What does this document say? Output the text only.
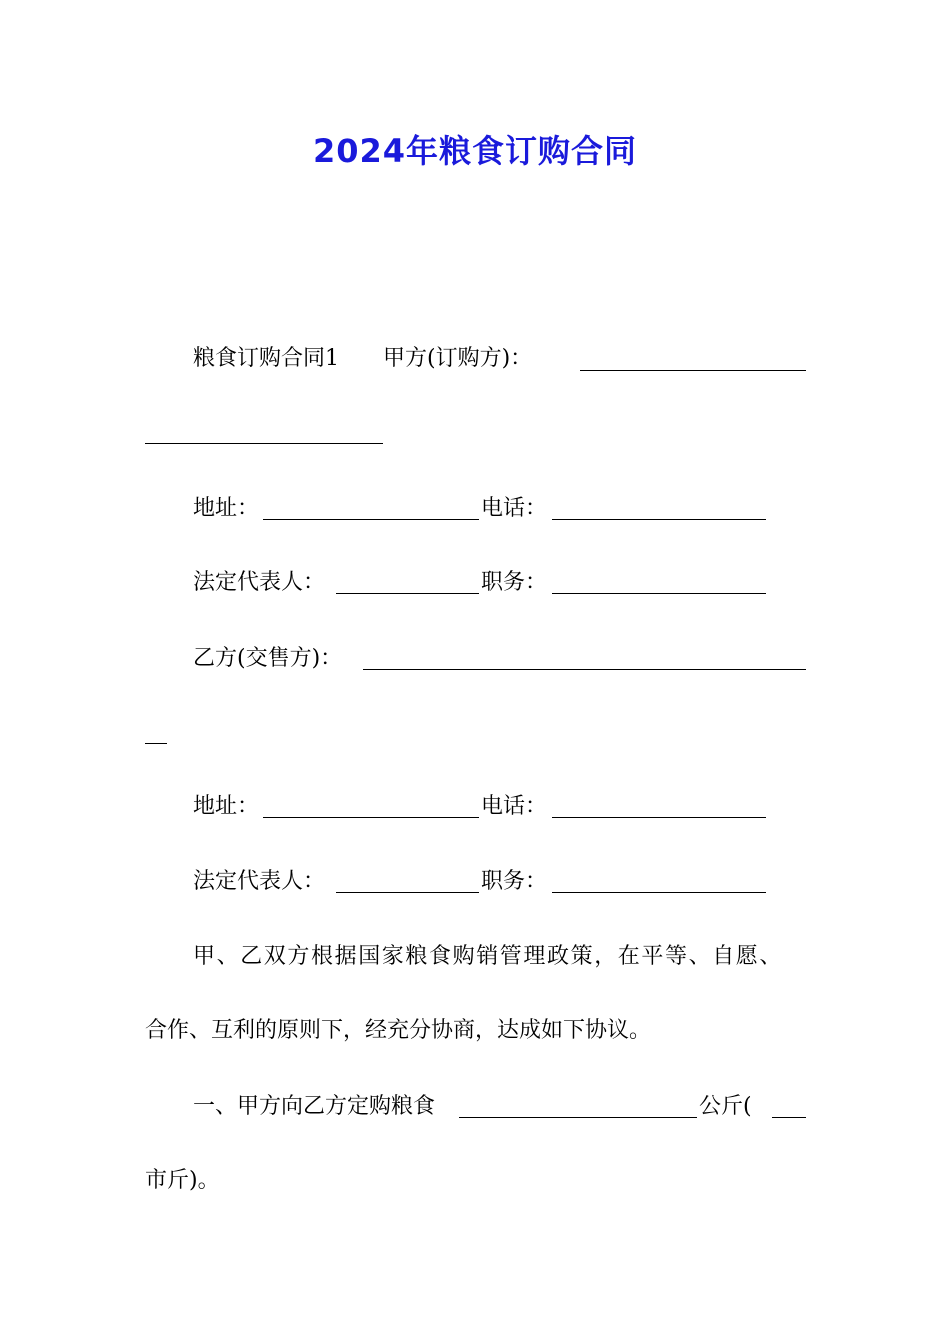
2024年粮食订购合同
粮食订购合同1 甲方(订购方)：
地址：	电话：
法定代表人：	职务：
乙方(交售方)：
地址：	电话：
法定代表人：	职务：
甲、乙双方根据国家粮食购销管理政策，在平等、自愿、
合作、互利的原则下，经充分协商，达成如下协议。
一、甲方向乙方定购粮食	公斤(
市斤)。
